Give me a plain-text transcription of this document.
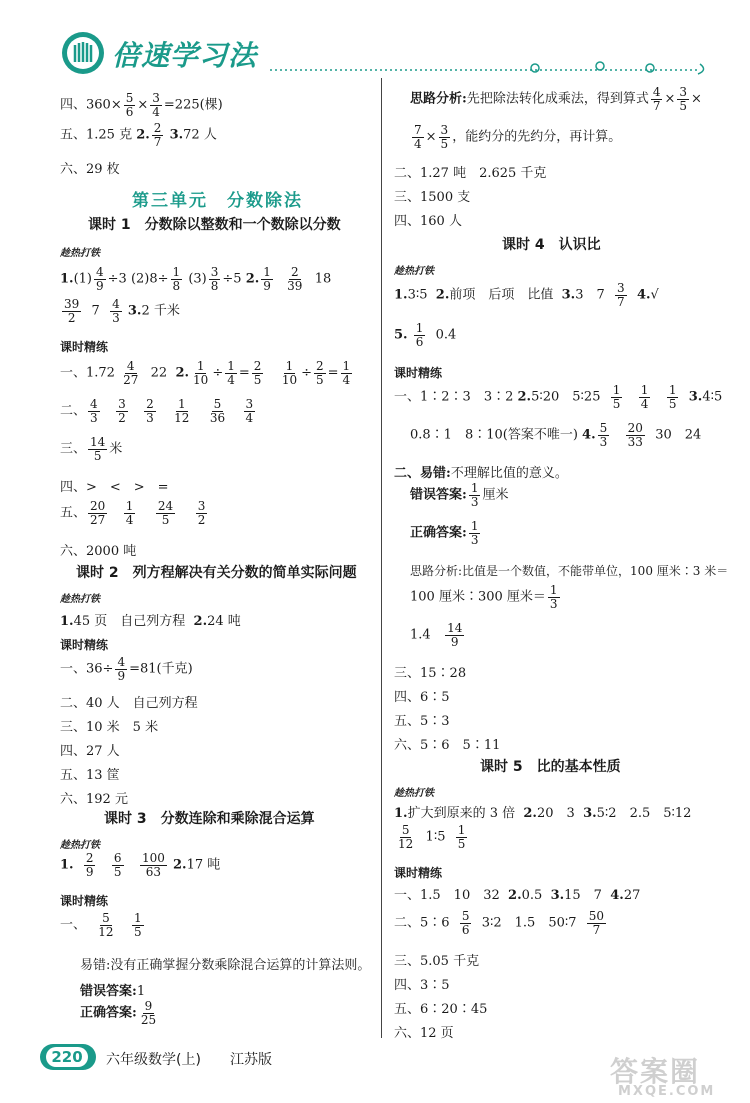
倍速学习法
四、$360\times \frac{5}{6} \times \frac{3}{4} =225$(棵)
五、1.25 克 2. $\frac{2}{7} 3.72$ 人
六、29 枚
第三单元　分数除法
课时 1　分数除以整数和一个数除以分数
趁热打铁
$1.(1) \frac{4}{9} \div 3$ $(2)8\div \frac{1}{8} (3) \frac{3}{8} \div 5$ 2. $\frac{1}{9}$
$\frac{2}{39} 18$
$\frac{39}{2} 7 \frac{4}{3} 3.2$ 千米
课时精练
一、$1.72 \frac{4}{27} 22$ 2. $\frac{1}{10} \div \frac{1}{4} = \frac{2}{5}$
$\frac{1}{10} \div \frac{2}{5} = \frac{1}{4}$
二、 $\frac{4}{3}$
$\frac{3}{2}$
$\frac{2}{3}$
$\frac{1}{12}$
$\frac{5}{36}$
$\frac{3}{4}$
三、 $\frac{14}{5}$ 米
四、>　<　>　=
五、 $\frac{20}{27}$
$\frac{1}{4}$
$\frac{24}{5}$
$\frac{3}{2}$
六、2000 吨
课时 2　列方程解决有关分数的简单实际问题
趁热打铁
1.45 页　自己列方程 2.24 吨
课时精练
一、$36\div \frac{4}{9} =81$(千克)
二、40 人　自己列方程
三、10 米　5 米
四、27 人
五、13 筐
六、192 元
课时 3　分数连除和乘除混合运算
趁热打铁
1. $\frac{2}{9}$
$\frac{6}{5}$
$\frac{100}{63} 2.17$ 吨
课时精练
一、 $\frac{5}{12}$
$\frac{1}{5}$
易错:没有正确掌握分数乘除混合运算的计算法则。
错误答案:1
正确答案: $\frac{9}{25}$
思路分析:先把除法转化成乘法，得到算式 $\frac{4}{7} \times \frac{3}{5}$ ×
$\frac{7}{4} \times \frac{3}{5}$ ，能约分的先约分，再计算。
二、1.27 吨　2.625 千克
三、1500 支
四、160 人
课时 4　认识比
趁热打铁
1.3∶5 2.前项　后项　比值 3.3　$7 \frac{3}{7} 4.√$
5. $\frac{1}{6} 0.4$
课时精练
一、1∶2∶3　3∶2 2.5∶20　5∶25 $\frac{1}{5}$
$\frac{1}{4}$
$\frac{1}{5}$ 3.4∶5
0.8∶1　8∶10(答案不唯一) 4. $\frac{5}{3}$
$\frac{20}{33} 30$　24
二、易错:不理解比值的意义。
错误答案: $\frac{1}{3}$ 厘米
正确答案: $\frac{1}{3}$
思路分析:比值是一个数值，不能带单位，100 厘米∶3 米＝
100 厘米∶300 厘米＝ $\frac{1}{3}$
$1.4 \frac{14}{9}$
三、15∶28
四、6∶5
五、5∶3
六、5∶6　5∶11
课时 5　比的基本性质
趁热打铁
1.扩大到原来的 3 倍 2.20　3 3.5∶2　2.5　5∶12
$\frac{5}{12}$ 1∶5 $\frac{1}{5}$
课时精练
一、1.5　10　32 2.0.5 3.15　7 4.27
二、5∶6 $\frac{5}{6}$ 3∶2　1.5　50∶7 $\frac{50}{7}$
三、5.05 千克
四、3∶5
五、6∶20∶45
六、12 页
220	六年级数学(上) 江苏版	答案圈
MXQE.COM
